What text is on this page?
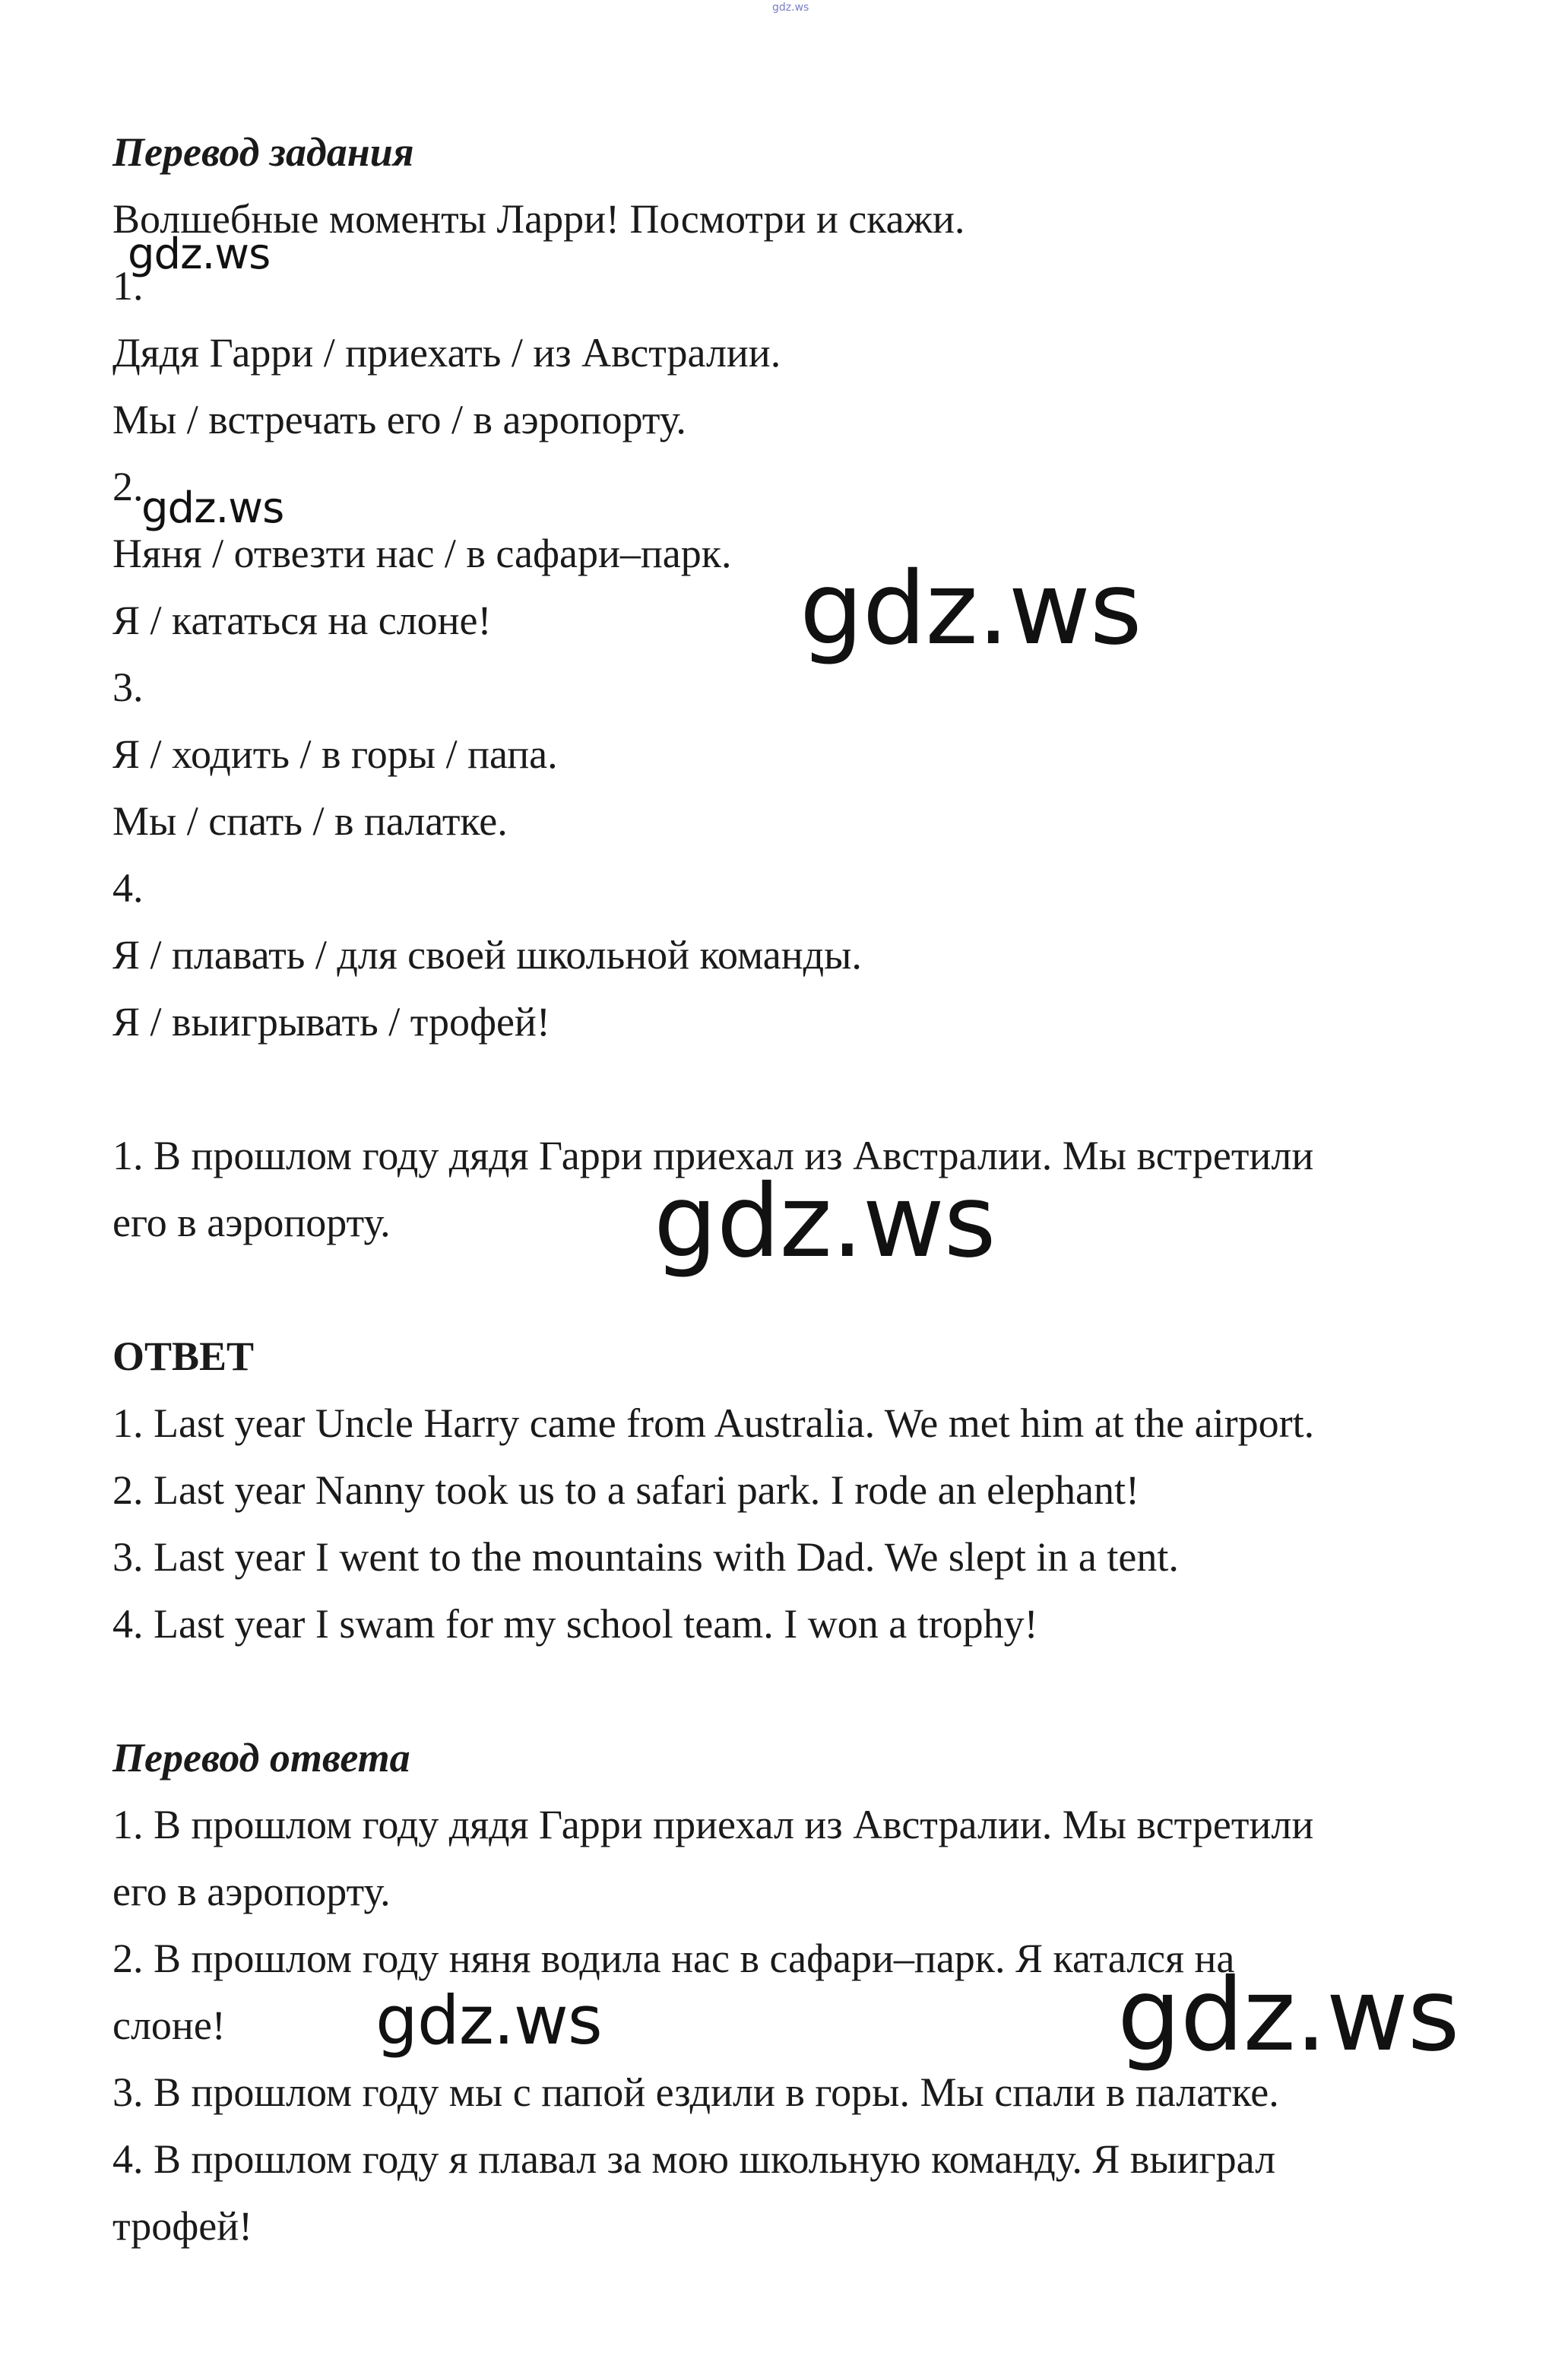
gdz.ws
Перевод задания
Волшебные моменты Ларри! Посмотри и скажи.
1.
Дядя Гарри / приехать / из Австралии.
Мы / встречать его / в аэропорту.
2.
Няня / отвезти нас / в сафари–парк.
Я / кататься на слоне!
3.
Я / ходить / в горы / папа.
Мы / спать / в палатке.
4.
Я / плавать / для своей школьной команды.
Я / выигрывать / трофей!
1. В прошлом году дядя Гарри приехал из Австралии. Мы встретили
его в аэропорту.
ОТВЕТ
1. Last year Uncle Harry came from Australia. We met him at the airport.
2. Last year Nanny took us to a safari park. I rode an elephant!
3. Last year I went to the mountains with Dad. We slept in a tent.
4. Last year I swam for my school team. I won a trophy!
Перевод ответа
1. В прошлом году дядя Гарри приехал из Австралии. Мы встретили
его в аэропорту.
2. В прошлом году няня водила нас в сафари–парк. Я катался на
слоне!
3. В прошлом году мы с папой ездили в горы. Мы спали в палатке.
4. В прошлом году я плавал за мою школьную команду. Я выиграл
трофей!
gdz.ws
gdz.ws
gdz.ws
gdz.ws
gdz.ws	gdz.ws
